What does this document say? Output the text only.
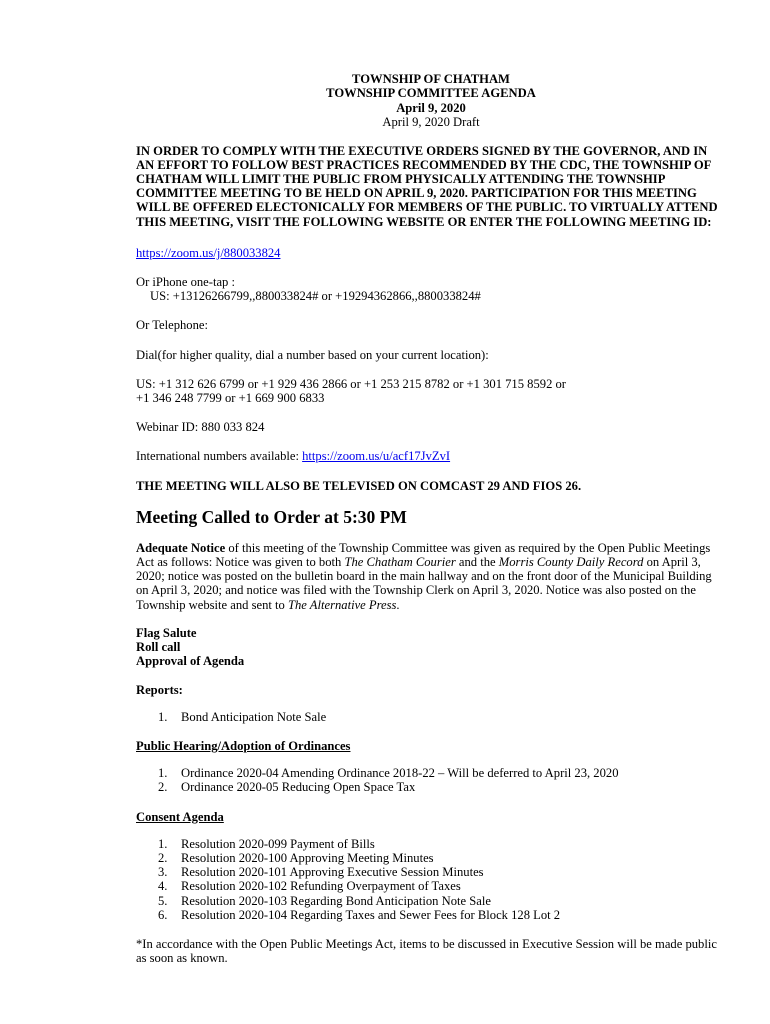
TOWNSHIP OF CHATHAM
TOWNSHIP COMMITTEE AGENDA
April 9, 2020
April 9, 2020 Draft

IN ORDER TO COMPLY WITH THE EXECUTIVE ORDERS SIGNED BY THE GOVERNOR, AND IN AN EFFORT TO FOLLOW BEST PRACTICES RECOMMENDED BY THE CDC, THE TOWNSHIP OF CHATHAM WILL LIMIT THE PUBLIC FROM PHYSICALLY ATTENDING THE TOWNSHIP COMMITTEE MEETING TO BE HELD ON APRIL 9, 2020. PARTICIPATION FOR THIS MEETING WILL BE OFFERED ELECTONICALLY FOR MEMBERS OF THE PUBLIC. TO VIRTUALLY ATTEND THIS MEETING, VISIT THE FOLLOWING WEBSITE OR ENTER THE FOLLOWING MEETING ID:

https://zoom.us/j/880033824

Or iPhone one-tap :

US: +13126266799,,880033824# or +19294362866,,880033824#

Or Telephone:

Dial(for higher quality, dial a number based on your current location):

US: +1 312 626 6799 or +1 929 436 2866 or +1 253 215 8782 or +1 301 715 8592 or

+1 346 248 7799 or +1 669 900 6833

Webinar ID: 880 033 824

International numbers available: https://zoom.us/u/acf17JvZvI

THE MEETING WILL ALSO BE TELEVISED ON COMCAST 29 AND FIOS 26.

Meeting Called to Order at 5:30 PM

Adequate Notice of this meeting of the Township Committee was given as required by the Open Public Meetings Act as follows: Notice was given to both The Chatham Courier and the Morris County Daily Record on April 3, 2020; notice was posted on the bulletin board in the main hallway and on the front door of the Municipal Building on April 3, 2020; and notice was filed with the Township Clerk on April 3, 2020. Notice was also posted on the Township website and sent to The Alternative Press.

Flag Salute

Roll call

Approval of Agenda

Reports:

1. Bond Anticipation Note Sale

Public Hearing/Adoption of Ordinances

1. Ordinance 2020-04 Amending Ordinance 2018-22 – Will be deferred to April 23, 2020
2. Ordinance 2020-05 Reducing Open Space Tax

Consent Agenda

1. Resolution 2020-099 Payment of Bills
2. Resolution 2020-100 Approving Meeting Minutes
3. Resolution 2020-101 Approving Executive Session Minutes
4. Resolution 2020-102 Refunding Overpayment of Taxes
5. Resolution 2020-103 Regarding Bond Anticipation Note Sale
6. Resolution 2020-104 Regarding Taxes and Sewer Fees for Block 128 Lot 2

*In accordance with the Open Public Meetings Act, items to be discussed in Executive Session will be made public as soon as known.
